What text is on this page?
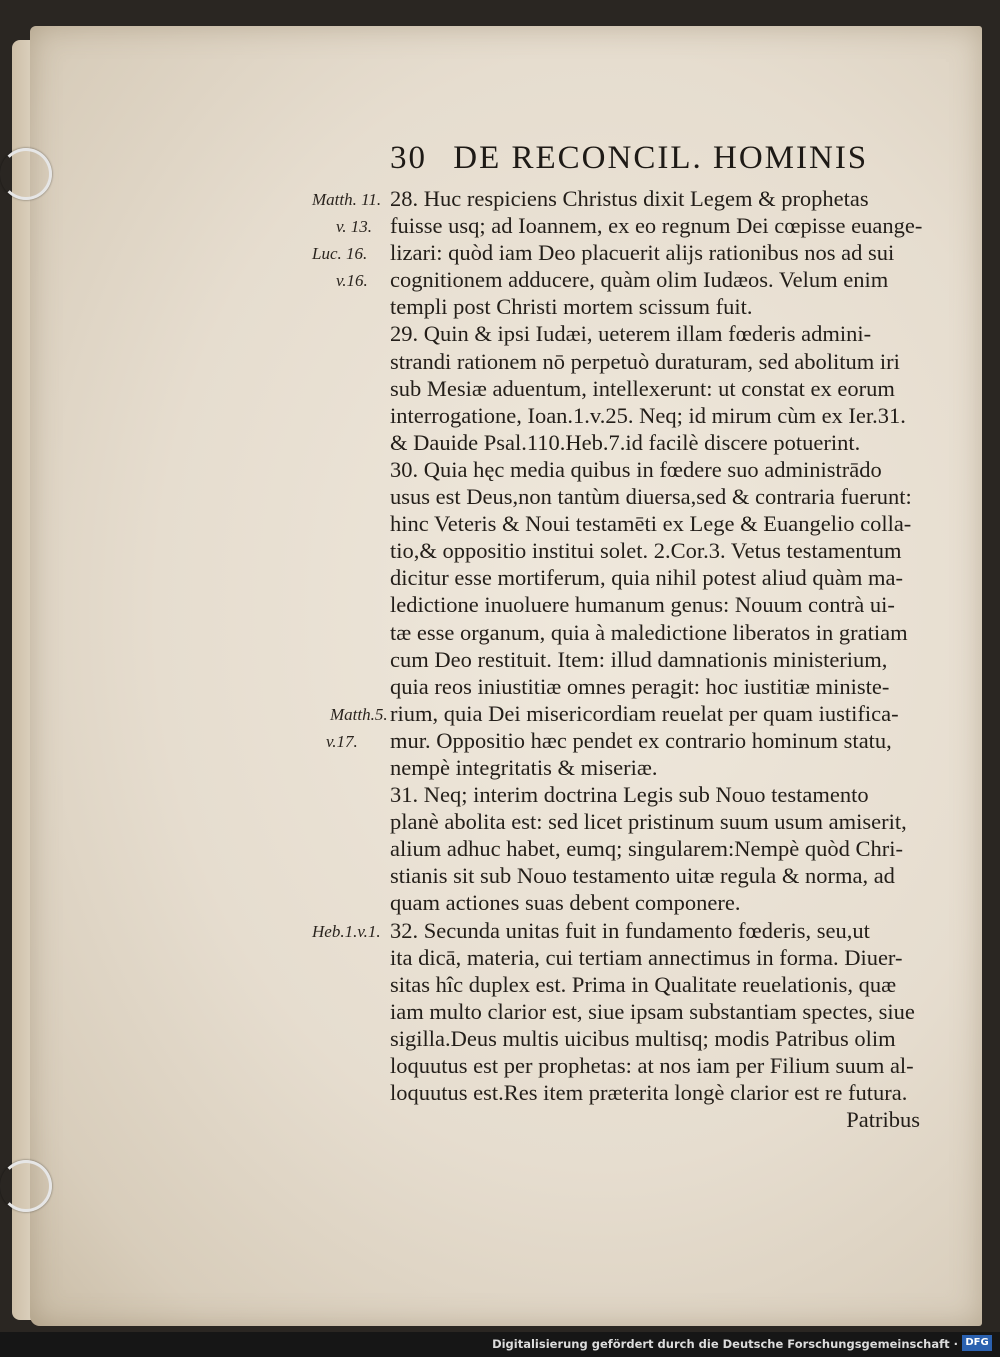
30 DE RECONCIL. HOMINIS
Matth. 11.
v. 13.
Luc. 16.
v.16.
Matth.5.
v.17.
Heb.1.v.1.
28. Huc respiciens Christus dixit Legem & prophetas
fuisse usq; ad Ioannem, ex eo regnum Dei cœpisse euange-
lizari: quòd iam Deo placuerit alijs rationibus nos ad sui
cognitionem adducere, quàm olim Iudæos. Velum enim
templi post Christi mortem scissum fuit.
29. Quin & ipsi Iudæi, ueterem illam fœderis admini-
strandi rationem nō perpetuò duraturam, sed abolitum iri
sub Mesiæ aduentum, intellexerunt: ut constat ex eorum
interrogatione, Ioan.1.v.25. Neq; id mirum cùm ex Ier.31.
& Dauide Psal.110.Heb.7.id facilè discere potuerint.
30. Quia hęc media quibus in fœdere suo administrādo
usus est Deus,non tantùm diuersa,sed & contraria fuerunt:
hinc Veteris & Noui testamēti ex Lege & Euangelio colla-
tio,& oppositio institui solet. 2.Cor.3. Vetus testamentum
dicitur esse mortiferum, quia nihil potest aliud quàm ma-
ledictione inuoluere humanum genus: Nouum contrà ui-
tæ esse organum, quia à maledictione liberatos in gratiam
cum Deo restituit. Item: illud damnationis ministerium,
quia reos iniustitiæ omnes peragit: hoc iustitiæ ministe-
rium, quia Dei misericordiam reuelat per quam iustifica-
mur. Oppositio hæc pendet ex contrario hominum statu,
nempè integritatis & miseriæ.
31. Neq; interim doctrina Legis sub Nouo testamento
planè abolita est: sed licet pristinum suum usum amiserit,
alium adhuc habet, eumq; singularem:Nempè quòd Chri-
stianis sit sub Nouo testamento uitæ regula & norma, ad
quam actiones suas debent componere.
32. Secunda unitas fuit in fundamento fœderis, seu,ut
ita dicā, materia, cui tertiam annectimus in forma. Diuer-
sitas hîc duplex est. Prima in Qualitate reuelationis, quæ
iam multo clarior est, siue ipsam substantiam spectes, siue
sigilla.Deus multis uicibus multisq; modis Patribus olim
loquutus est per prophetas: at nos iam per Filium suum al-
loquutus est.Res item præterita longè clarior est re futura.
Patribus
Digitalisierung gefördert durch die Deutsche Forschungsgemeinschaft · DFG
